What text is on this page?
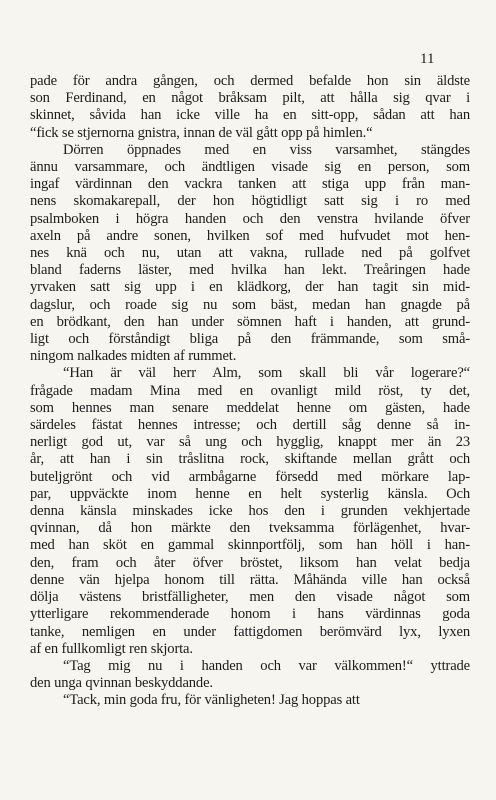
11

pade för andra gången, och dermed befalde hon sin äldste

son Ferdinand, en något bråksam pilt, att hålla sig qvar i

skinnet, såvida han icke ville ha en sitt-opp, sådan att han

“fick se stjernorna gnistra, innan de väl gått opp på himlen.“

Dörren öppnades med en viss varsamhet, stängdes

ännu varsammare, och ändtligen visade sig en person, som

ingaf värdinnan den vackra tanken att stiga upp från man-

nens skomakarepall, der hon högtidligt satt sig i ro med

psalmboken i högra handen och den venstra hvilande öfver

axeln på andre sonen, hvilken sof med hufvudet mot hen-

nes knä och nu, utan att vakna, rullade ned på golfvet

bland faderns läster, med hvilka han lekt. Treåringen hade

yrvaken satt sig upp i en klädkorg, der han tagit sin mid-

dagslur, och roade sig nu som bäst, medan han gnagde på

en brödkant, den han under sömnen haft i handen, att grund-

ligt och förståndigt bliga på den främmande, som små-

ningom nalkades midten af rummet.

“Han är väl herr Alm, som skall bli vår logerare?“

frågade madam Mina med en ovanligt mild röst, ty det,

som hennes man senare meddelat henne om gästen, hade

särdeles fästat hennes intresse; och dertill såg denne så in-

nerligt god ut, var så ung och hygglig, knappt mer än 23

år, att han i sin tråslitna rock, skiftande mellan grått och

buteljgrönt och vid armbågarne försedd med mörkare lap-

par, uppväckte inom henne en helt systerlig känsla. Och

denna känsla minskades icke hos den i grunden vekhjertade

qvinnan, då hon märkte den tveksamma förlägenhet, hvar-

med han sköt en gammal skinnportfölj, som han höll i han-

den, fram och åter öfver bröstet, liksom han velat bedja

denne vän hjelpa honom till rätta. Måhända ville han också

dölja västens bristfälligheter, men den visade något som

ytterligare rekommenderade honom i hans värdinnas goda

tanke, nemligen en under fattigdomen berömvärd lyx, lyxen

af en fullkomligt ren skjorta.

“Tag mig nu i handen och var välkommen!“ yttrade

den unga qvinnan beskyddande.

“Tack, min goda fru, för vänligheten! Jag hoppas att
